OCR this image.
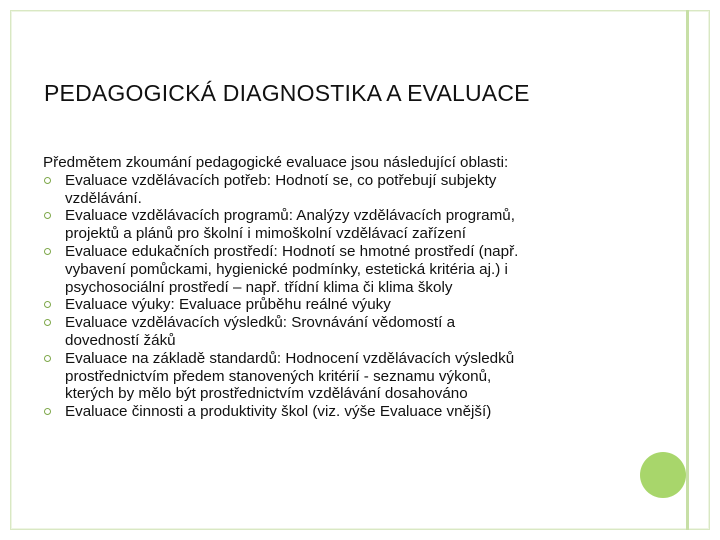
PEDAGOGICKÁ DIAGNOSTIKA A EVALUACE

Předmětem zkoumání pedagogické evaluace jsou následující oblasti:

Evaluace vzdělávacích potřeb: Hodnotí se, co potřebují subjekty
vzdělávání.
Evaluace vzdělávacích programů: Analýzy vzdělávacích programů,
projektů a plánů pro školní i mimoškolní vzdělávací zařízení
Evaluace edukačních prostředí: Hodnotí se hmotné prostředí (např.
vybavení pomůckami, hygienické podmínky, estetická kritéria aj.) i
psychosociální prostředí – např. třídní klima či klima školy
Evaluace výuky: Evaluace průběhu reálné výuky
Evaluace vzdělávacích výsledků: Srovnávání vědomostí a
dovedností žáků
Evaluace na základě standardů: Hodnocení vzdělávacích výsledků
prostřednictvím předem stanovených kritérií - seznamu výkonů,
kterých by mělo být prostřednictvím vzdělávání dosahováno
Evaluace činnosti a produktivity škol (viz. výše Evaluace vnější)
